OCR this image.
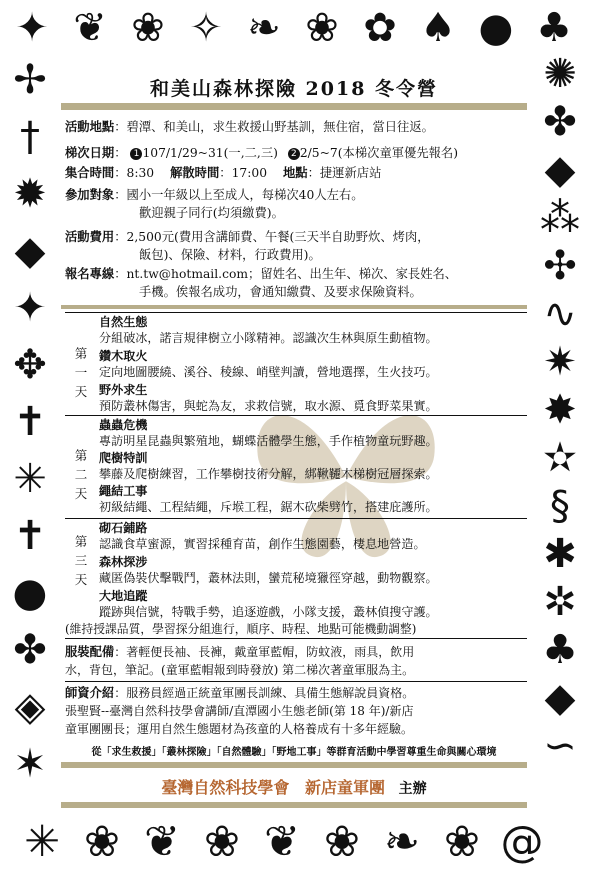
✦ ❦ ❀ ✧ ❧ ❀ ✿ ♠ ● ♣
✢
†
✹
◆
✦
✥
✝
✳
✝
●
✤
◈
✶
✺
✤
◆
⁂
✣
∿
✷
✸
✫
§
✱
✲
♣
◆
∽
✳ ❀ ❦ ❀ ❦ ❀ ❧ ❀ @
和美山森林探險 2018 冬令營
活動地點：碧潭、和美山，求生救援山野基訓，無住宿，當日往返。
梯次日期： 1 107/1/29~31(一,二,三) 2 2/5~7(本梯次童軍優先報名)
集合時間：8:30 解散時間：17:00 地點：捷運新店站
參加對象：國小一年級以上至成人，每梯次40人左右。
歡迎親子同行(均須繳費)。
活動費用：2,500元(費用含講師費、午餐(三天半自助野炊、烤肉，
飯包)、保險、材料，行政費用)。
報名專線：nt.tw@hotmail.com；留姓名、出生年、梯次、家長姓名、
手機。俟報名成功，會通知繳費、及要求保險資料。
第
一
天
自然生態
分組破冰，諾言規律樹立小隊精神。認識次生林與原生動植物。
鑽木取火
定向地圖腰繞、溪谷、稜線、峭壁判讀，營地選擇，生火技巧。
野外求生
預防叢林傷害，與蛇為友，求救信號，取水源、覓食野菜果實。
第
二
天
蟲蟲危機
專訪明星昆蟲與繁殖地，蝴蝶活體學生態，手作植物童玩野趣。
爬樹特訓
攀藤及爬樹練習，工作攀樹技術分解，綁鞦韆木梯樹冠層探索。
繩結工事
初級結繩、工程結繩，斥堠工程，鋸木砍柴劈竹，搭建庇護所。
第
三
天
砌石鋪路
認識食草蜜源，實習採種育苗，創作生態園藝，棲息地營造。
森林探涉
藏匿偽裝伏擊戰鬥，叢林法則，蠻荒秘境獵徑穿越，動物觀察。
大地追蹤
蹤跡與信號，特戰手勢，追逐遊戲，小隊支援，叢林偵搜守護。
(維持授課品質，學習探分組進行，順序、時程、地點可能機動調整)
服裝配備：著輕便長袖、長褲，戴童軍藍帽，防蚊液，雨具，飲用
水，背包，筆記。(童軍藍帽報到時發放) 第二梯次著童軍服為主。
師資介紹：服務員經過正統童軍團長訓練、具備生態解說員資格。
張聖賢--臺灣自然科技學會講師/直潭國小生態老師(第 18 年)/新店
童軍團團長；運用自然生態題材為孩童的人格養成有十多年經驗。
從「求生救援」「叢林探險」「自然體驗」「野地工事」等群育活動中學習尊重生命與關心環境
臺灣自然科技學會 新店童軍團 主辦
